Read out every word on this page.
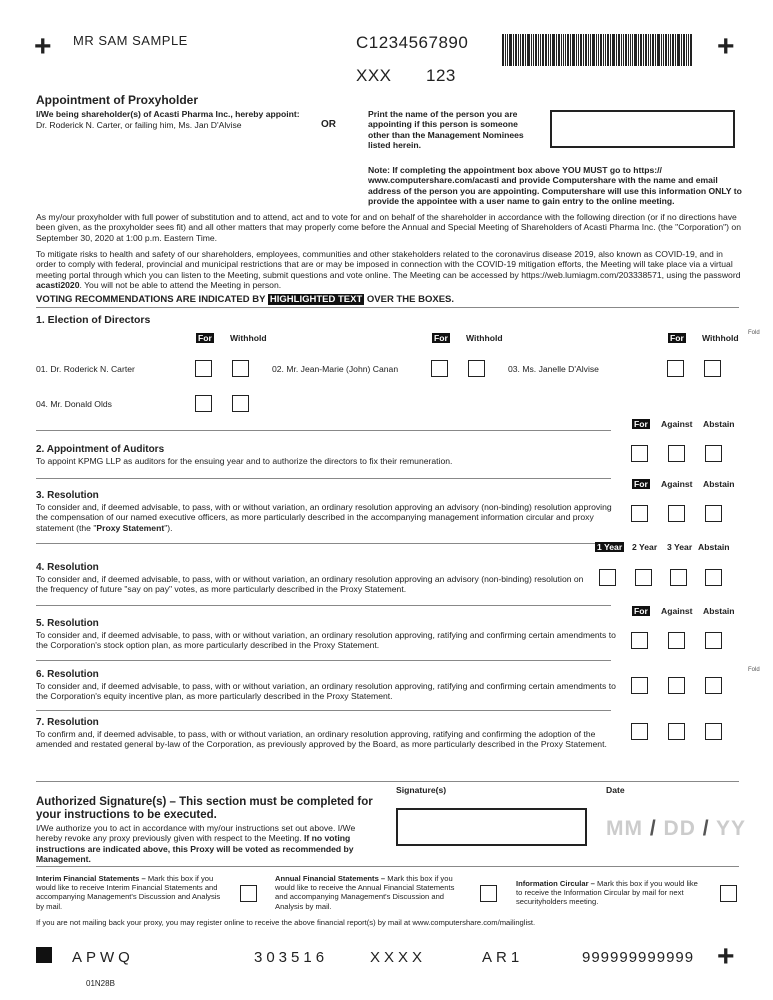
+ MR SAM SAMPLE	C1234567890
XXX 123
+
Appointment of Proxyholder
I/We being shareholder(s) of Acasti Pharma Inc., hereby appoint:
Dr. Roderick N. Carter, or failing him, Ms. Jan D'Alvise	OR
Print the name of the person you are appointing if this person is someone other than the Management Nominees listed herein.
Note: If completing the appointment box above YOU MUST go to https:// www.computershare.com/acasti and provide Computershare with the name and email address of the person you are appointing. Computershare will use this information ONLY to provide the appointee with a user name to gain entry to the online meeting.
As my/our proxyholder with full power of substitution and to attend, act and to vote for and on behalf of the shareholder in accordance with the following direction (or if no directions have been given, as the proxyholder sees fit) and all other matters that may properly come before the Annual and Special Meeting of Shareholders of Acasti Pharma Inc. (the "Corporation") on September 30, 2020 at 1:00 p.m. Eastern Time.
To mitigate risks to health and safety of our shareholders, employees, communities and other stakeholders related to the coronavirus disease 2019, also known as COVID-19, and in order to comply with federal, provincial and municipal restrictions that are or may be imposed in connection with the COVID-19 mitigation efforts, the Meeting will take place via a virtual meeting portal through which you can listen to the Meeting, submit questions and vote online. The Meeting can be accessed by https://web.lumiagm.com/203338571, using the password acasti2020. You will not be able to attend the Meeting in person.
VOTING RECOMMENDATIONS ARE INDICATED BY HIGHLIGHTED TEXT OVER THE BOXES.
1. Election of Directors
For Withhold	For Withhold	For Withhold Fold
01. Dr. Roderick N. Carter	02. Mr. Jean-Marie (John) Canan	03. Ms. Janelle D'Alvise
04. Mr. Donald Olds
For Against Abstain
2. Appointment of Auditors
To appoint KPMG LLP as auditors for the ensuing year and to authorize the directors to fix their remuneration.
For Against Abstain
3. Resolution
To consider and, if deemed advisable, to pass, with or without variation, an ordinary resolution approving an advisory (non-binding) resolution approving the compensation of our named executive officers, as more particularly described in the accompanying management information circular and proxy statement (the "Proxy Statement").
1 Year 2 Year 3 Year Abstain
4. Resolution
To consider and, if deemed advisable, to pass, with or without variation, an ordinary resolution approving an advisory (non-binding) resolution on the frequency of future "say on pay" votes, as more particularly described in the Proxy Statement.
For Against Abstain
5. Resolution
To consider and, if deemed advisable, to pass, with or without variation, an ordinary resolution approving, ratifying and confirming certain amendments to the Corporation's stock option plan, as more particularly described in the Proxy Statement.
Fold
6. Resolution
To consider and, if deemed advisable, to pass, with or without variation, an ordinary resolution approving, ratifying and confirming certain amendments to the Corporation's equity incentive plan, as more particularly described in the Proxy Statement.
7. Resolution
To confirm and, if deemed advisable, to pass, with or without variation, an ordinary resolution approving, ratifying and confirming the adoption of the amended and restated general by-law of the Corporation, as previously approved by the Board, as more particularly described in the Proxy Statement.
Authorized Signature(s) – This section must be completed for your instructions to be executed.
I/We authorize you to act in accordance with my/our instructions set out above. I/We hereby revoke any proxy previously given with respect to the Meeting. If no voting instructions are indicated above, this Proxy will be voted as recommended by Management.
Signature(s)	Date
MM / DD / YY
Interim Financial Statements – Mark this box if you would like to receive Interim Financial Statements and accompanying Management's Discussion and Analysis by mail.
Annual Financial Statements – Mark this box if you would like to receive the Annual Financial Statements and accompanying Management's Discussion and Analysis by mail.
Information Circular – Mark this box if you would like to receive the Information Circular by mail for next securityholders meeting.
If you are not mailing back your proxy, you may register online to receive the above financial report(s) by mail at www.computershare.com/mailinglist.
APWQ	303516	XXXX	AR1	999999999999 +
01N28B
